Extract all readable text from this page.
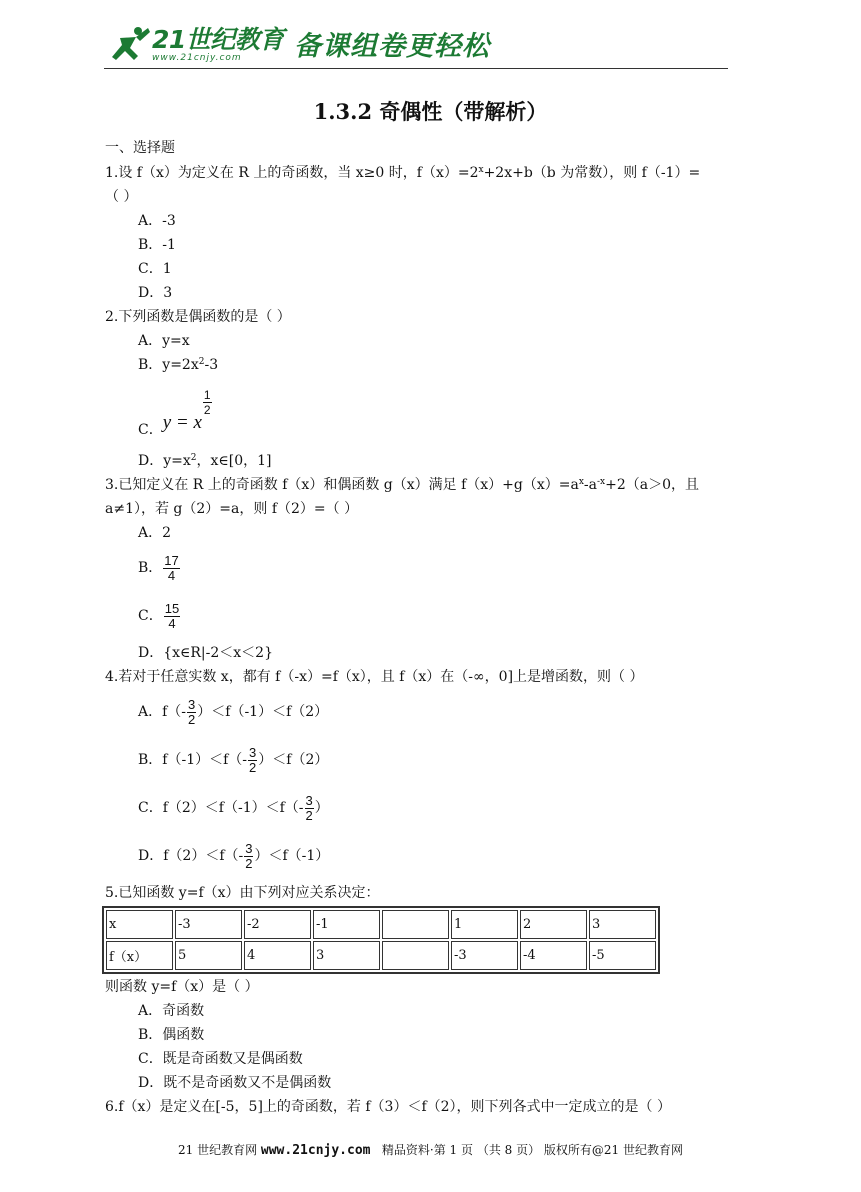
21世纪教育
www.21cnjy.com 备课组卷更轻松
1.3.2 奇偶性（带解析）
一、选择题
1.设 f（x）为定义在 R 上的奇函数，当 x≥0 时，$f(x)=2^x+2x+b(b$ 为常数），则 f（-1）=
（ ）
A．-3
B．-1
C．1
D．3
2.下列函数是偶函数的是（ ）
A．y=x
B．$y=2x^2-3$
C．y = x
$\frac{1}{2}$
D．$y=x^2$，x∈[0，1]
3.已知定义在 R 上的奇函数 f（x）和偶函数 g（x）满足 $f(x)+g(x)=a^x-a^{-x}+2(a>0$，且
a≠1），若 g（2）=a，则 f（2）=（ ）
A．2
B． $\frac{17}{4}$
C． $\frac{15}{4}$
D．{x∈R|-2＜x＜2}
4.若对于任意实数 x，都有 f（-x）=f（x），且 f（x）在（-∞，0]上是增函数，则（ ）
A．$f(- \frac{3}{2} )<f(-1)<f(2)$
B．$f(-1)<f(- \frac{3}{2} )<f(2)$
C．$f(2)<f(-1)<f(- \frac{3}{2}$ ）
D．$f(2)<f(- \frac{3}{2} )<f(-1)$
5.已知函数 y=f（x）由下列对应关系决定：
x	-3	-2	-1		1	2	3
f（x）	5	4	3		-3	-4	-5
则函数 y=f（x）是（ ）
A．奇函数
B．偶函数
C．既是奇函数又是偶函数
D．既不是奇函数又不是偶函数
6.f（x）是定义在[-5，5]上的奇函数，若 f（3）＜f（2），则下列各式中一定成立的是（ ）
21 世纪教育网 www.21cnjy.com   精品资料·第 1 页 （共 8 页） 版权所有@21 世纪教育网
